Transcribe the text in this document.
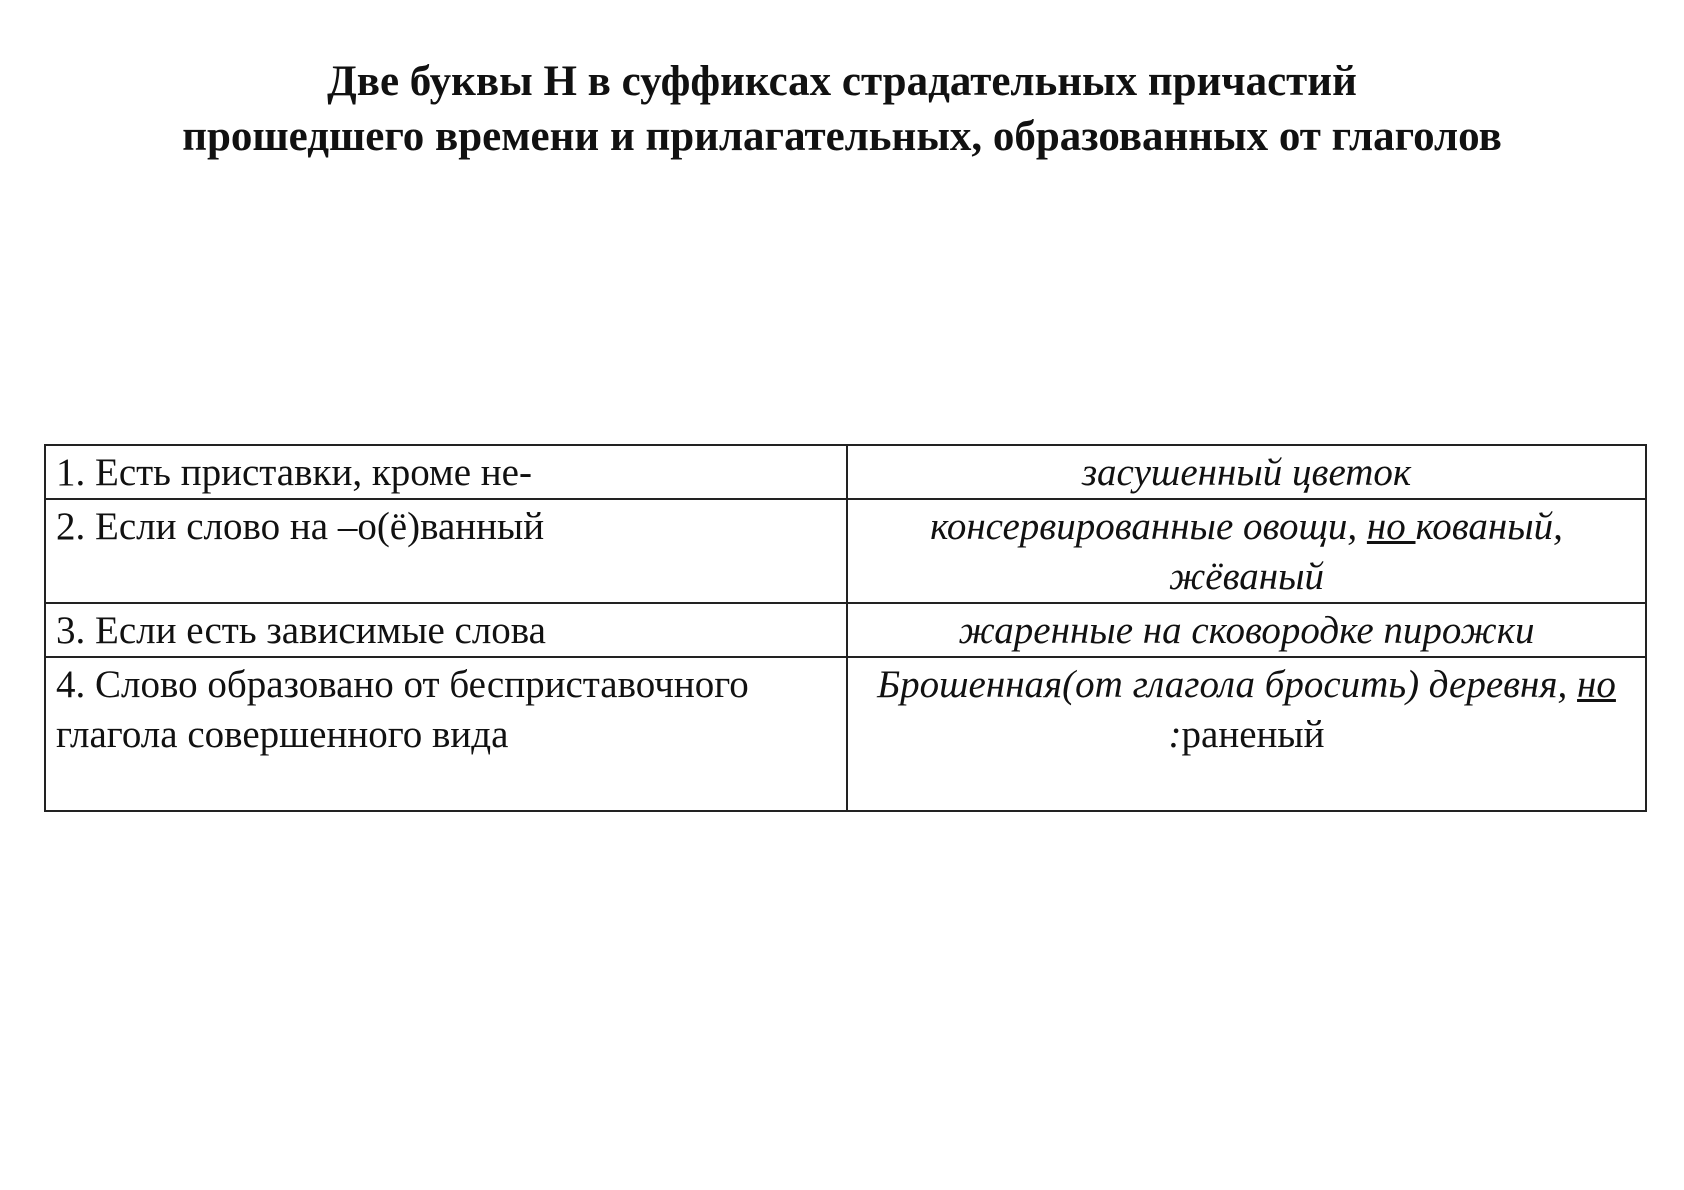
Две буквы Н в суффиксах страдательных причастий
прошедшего времени и прилагательных, образованных от глаголов
1. Есть приставки, кроме не-	засушенный цветок
2. Если слово на –о(ё)ванный	консервированные овощи, но кованый, жёваный
3. Если есть зависимые слова	жаренные на сковородке пирожки
4. Слово образовано от бесприставочного глагола совершенного вида	Брошенная(от глагола бросить) деревня, но :раненый
